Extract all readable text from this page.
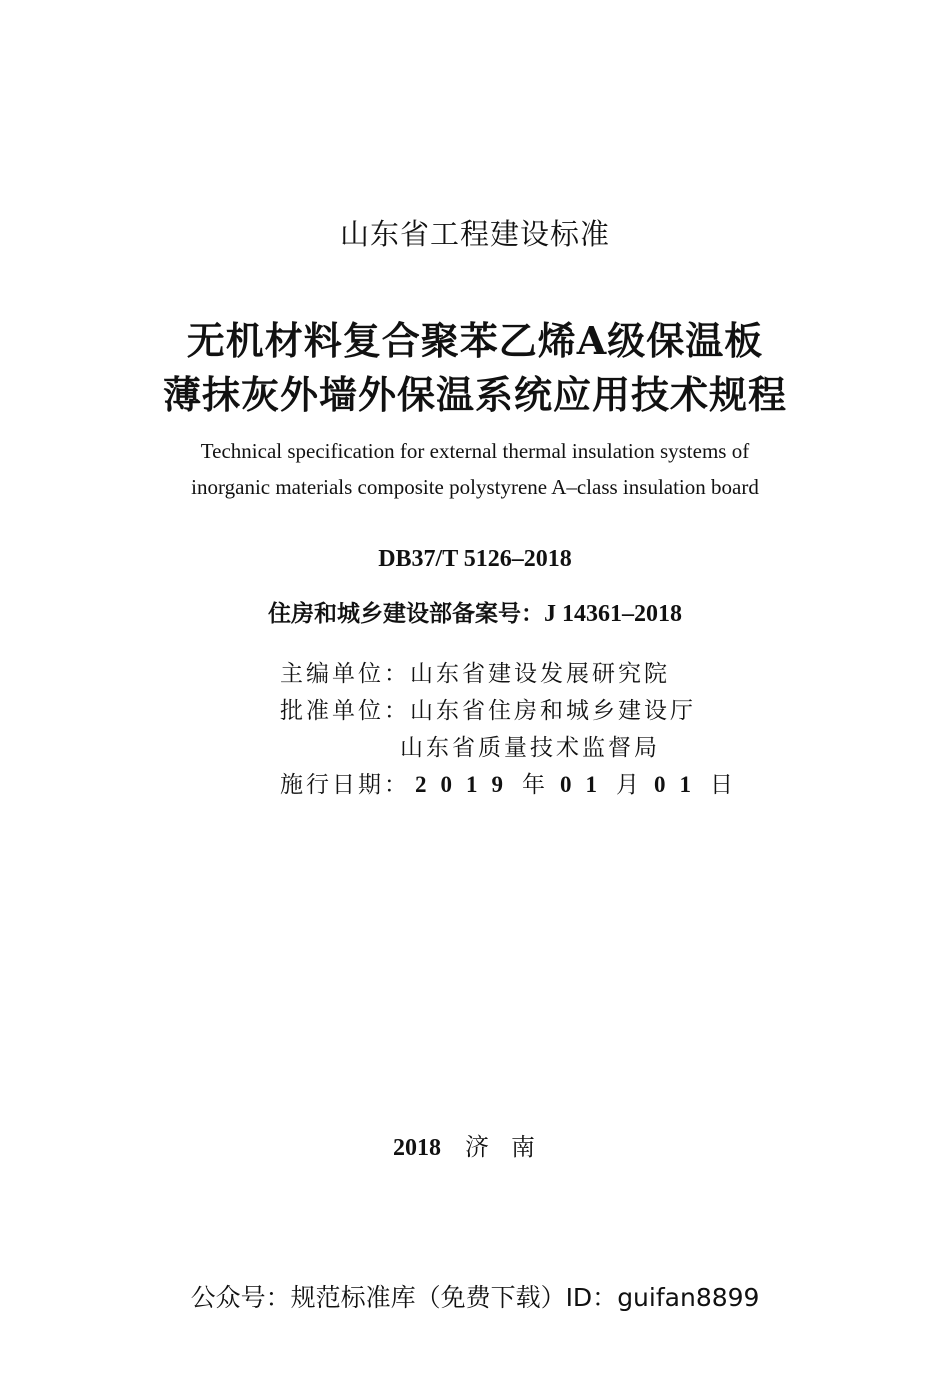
山东省工程建设标准
无机材料复合聚苯乙烯A级保温板
薄抹灰外墙外保温系统应用技术规程
Technical specification for external thermal insulation systems of
inorganic materials composite polystyrene A–class insulation board
DB37/T 5126–2018
住房和城乡建设部备案号：J 14361–2018
主编单位：山东省建设发展研究院
批准单位：山东省住房和城乡建设厅
山东省质量技术监督局
施行日期： 2019 年 01 月 01 日
2018 济南
公众号：规范标准库（免费下载）ID：guifan8899
